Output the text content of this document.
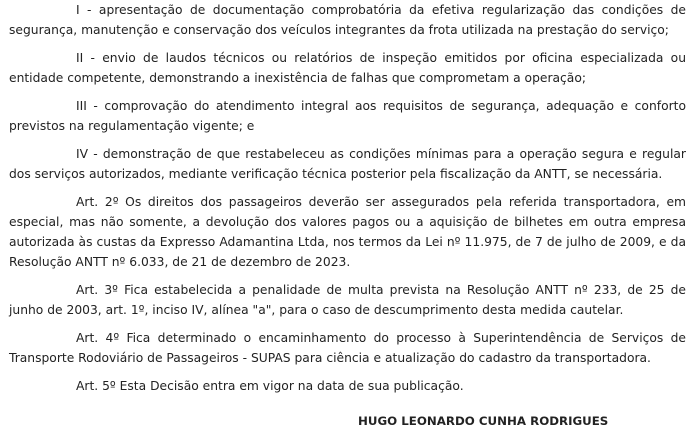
I - apresentação de documentação comprobatória da efetiva regularização das condições de segurança, manutenção e conservação dos veículos integrantes da frota utilizada na prestação do serviço;

II - envio de laudos técnicos ou relatórios de inspeção emitidos por oficina especializada ou entidade competente, demonstrando a inexistência de falhas que comprometam a operação;

III - comprovação do atendimento integral aos requisitos de segurança, adequação e conforto previstos na regulamentação vigente; e

IV - demonstração de que restabeleceu as condições mínimas para a operação segura e regular dos serviços autorizados, mediante verificação técnica posterior pela fiscalização da ANTT, se necessária.

Art. 2º Os direitos dos passageiros deverão ser assegurados pela referida transportadora, em especial, mas não somente, a devolução dos valores pagos ou a aquisição de bilhetes em outra empresa autorizada às custas da Expresso Adamantina Ltda, nos termos da Lei nº 11.975, de 7 de julho de 2009, e da Resolução ANTT nº 6.033, de 21 de dezembro de 2023.

Art. 3º Fica estabelecida a penalidade de multa prevista na Resolução ANTT nº 233, de 25 de junho de 2003, art. 1º, inciso IV, alínea "a", para o caso de descumprimento desta medida cautelar.

Art. 4º Fica determinado o encaminhamento do processo à Superintendência de Serviços de Transporte Rodoviário de Passageiros - SUPAS para ciência e atualização do cadastro da transportadora.

Art. 5º Esta Decisão entra em vigor na data de sua publicação.

HUGO LEONARDO CUNHA RODRIGUES
